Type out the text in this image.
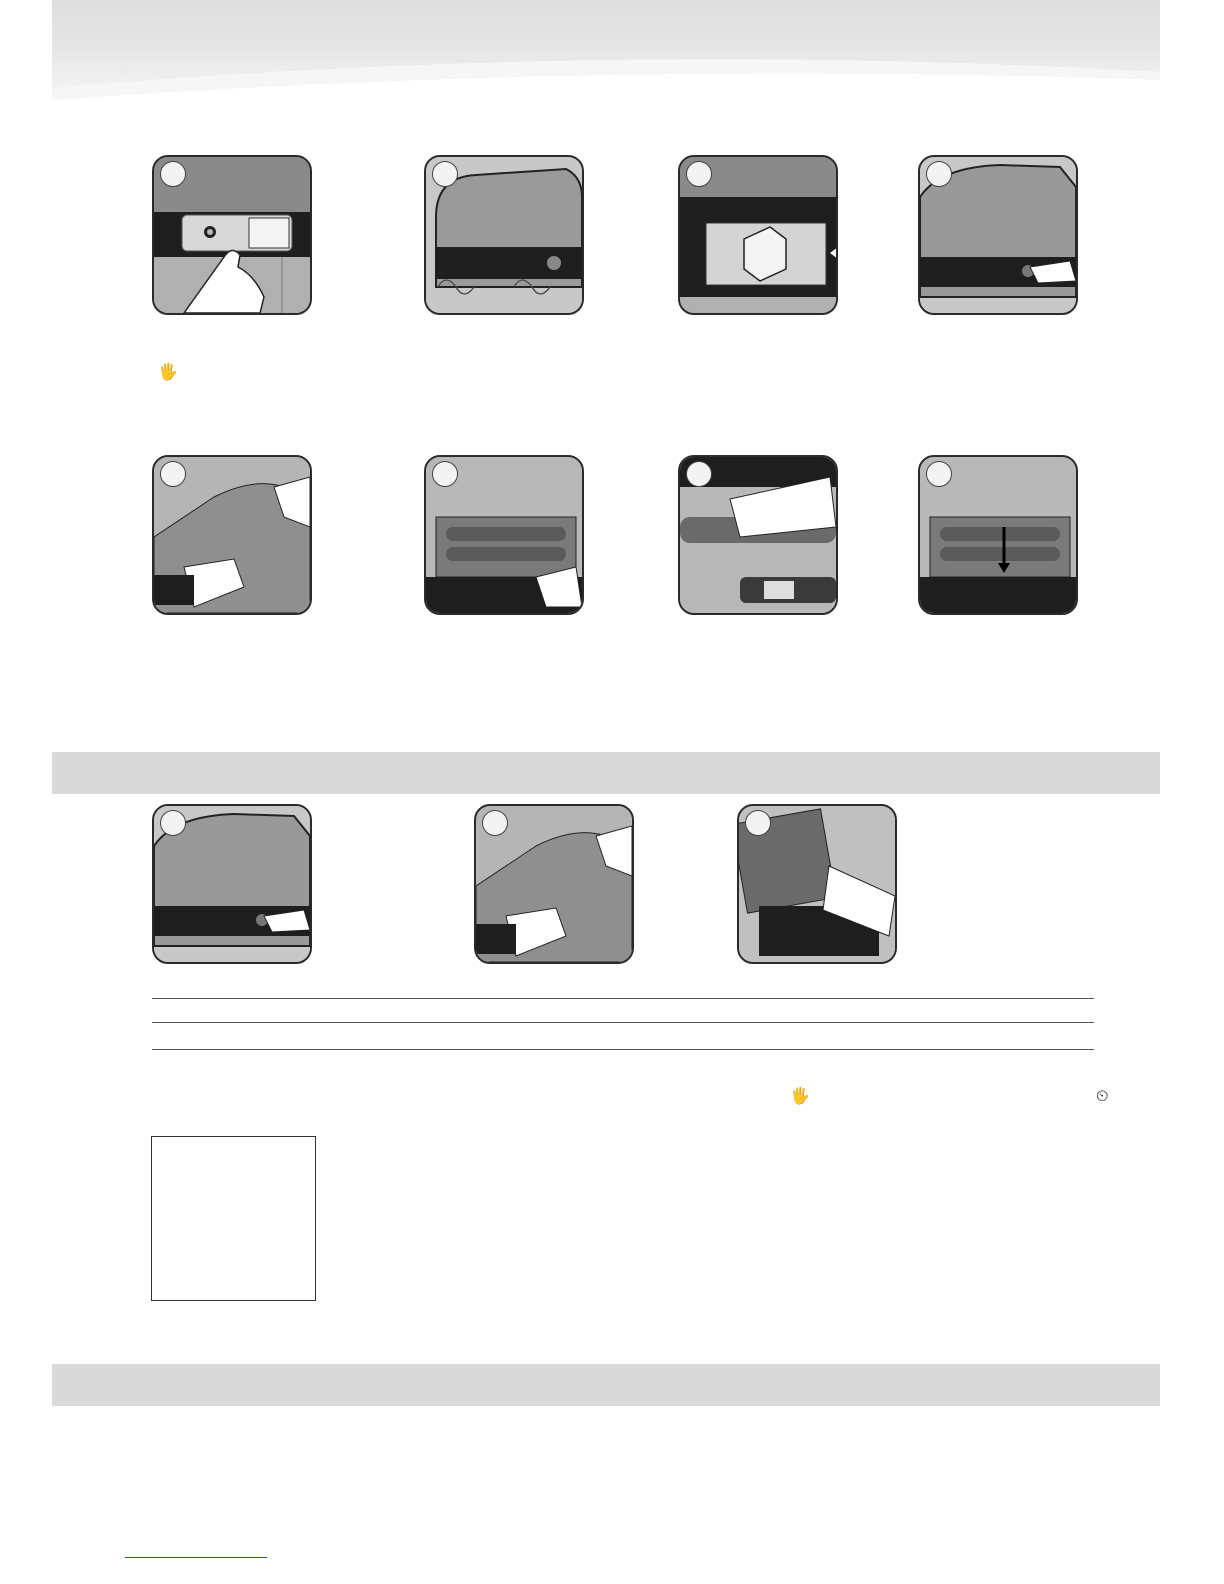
🖐
🖐	⏲
